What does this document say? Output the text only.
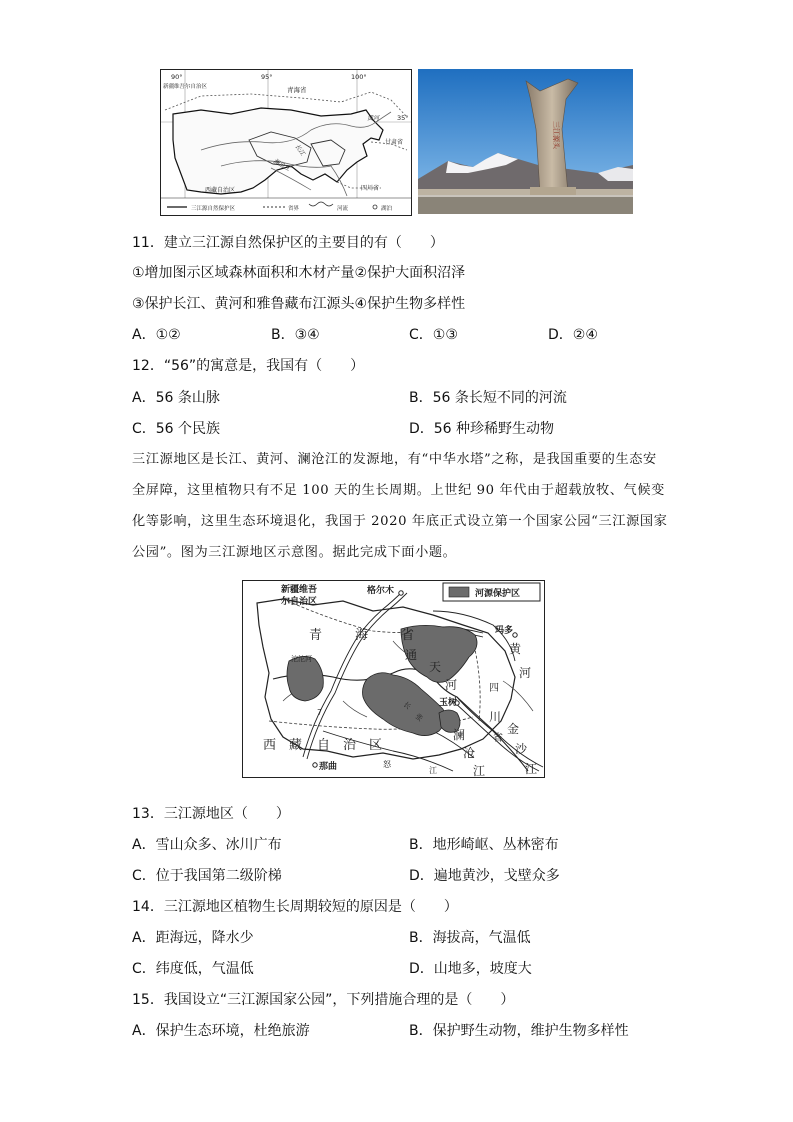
90°	95°	100°
35°
新疆维吾尔自治区	青海省
甘肃省
西藏自治区	四川省
长江
澜沧江
黄河
三江源自然保护区	省界	河流	湖泊
三江源头
11．建立三江源自然保护区的主要目的有（　　）
①增加图示区域森林面积和木材产量②保护大面积沼泽
③保护长江、黄河和雅鲁藏布江源头④保护生物多样性
A．①②	B．③④	C．①③	D．②④
12．“56”的寓意是，我国有（　　）
A．56 条山脉	B．56 条长短不同的河流
C．56 个民族	D．56 种珍稀野生动物
三江源地区是长江、黄河、澜沧江的发源地，有“中华水塔”之称，是我国重要的生态安
全屏障，这里植物只有不足 100 天的生长周期。上世纪 90 年代由于超载放牧、气候变
化等影响，这里生态环境退化，我国于 2020 年底正式设立第一个国家公园“三江源国家
公园”。图为三江源地区示意图。据此完成下面小题。
河源保护区
新疆维吾
尔自治区
格尔木
青	海	省	玛多
黄
河
通
天
河
沱沱河
玉树
四
川
省
金
沙
江
澜
沧
江
西 藏 自 治 区
那曲	怒
江
张
长
7
13．三江源地区（　　）
A．雪山众多、冰川广布	B．地形崎岖、丛林密布
C．位于我国第二级阶梯	D．遍地黄沙，戈壁众多
14．三江源地区植物生长周期较短的原因是（　　）
A．距海远，降水少	B．海拔高，气温低
C．纬度低，气温低	D．山地多，坡度大
15．我国设立“三江源国家公园”，下列措施合理的是（　　）
A．保护生态环境，杜绝旅游	B．保护野生动物，维护生物多样性
